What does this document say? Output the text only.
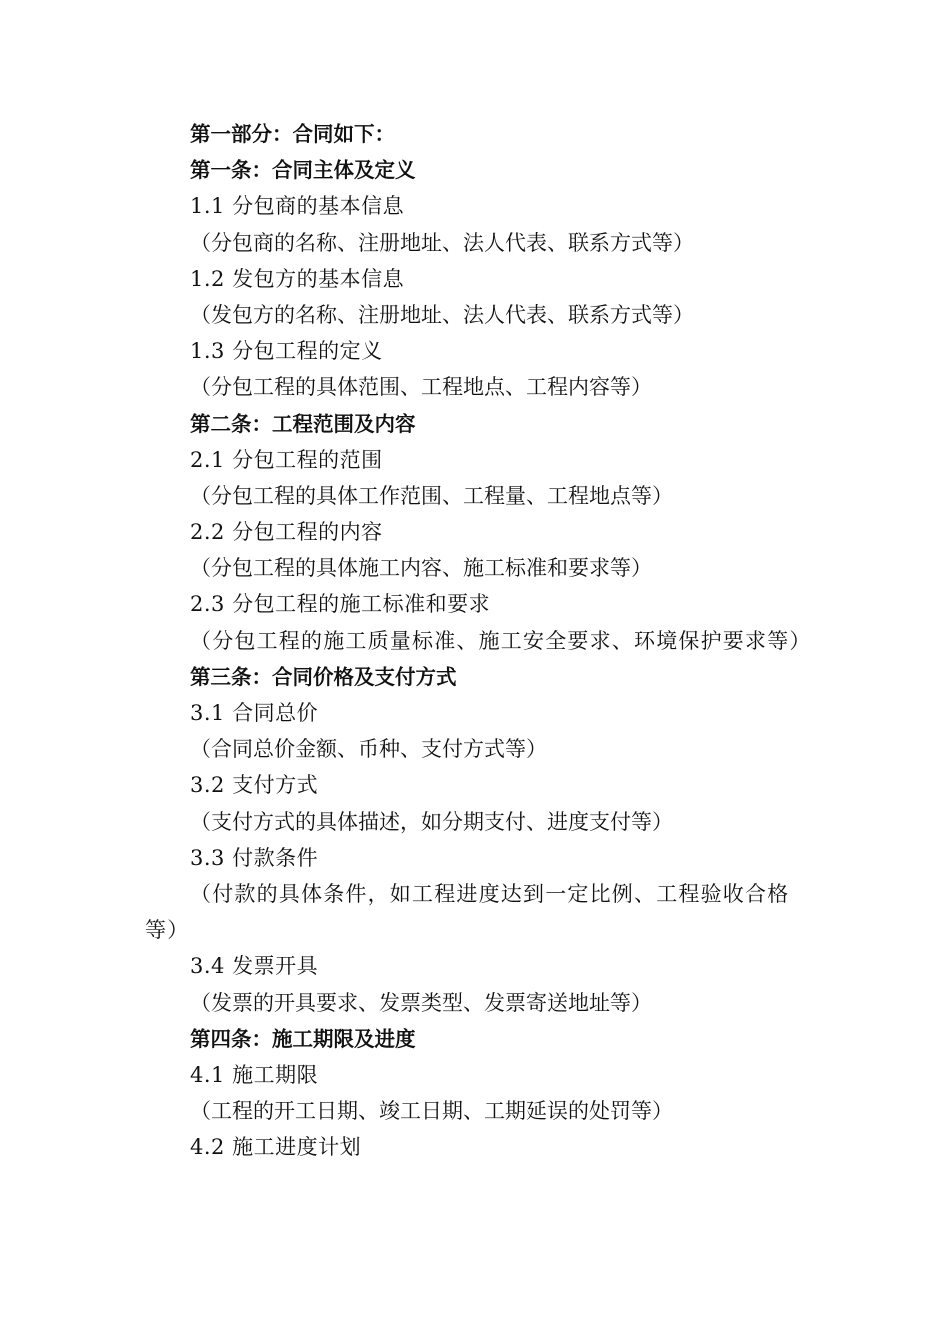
第一部分：合同如下：
第一条：合同主体及定义
1.1 分包商的基本信息
（分包商的名称、注册地址、法人代表、联系方式等）
1.2 发包方的基本信息
（发包方的名称、注册地址、法人代表、联系方式等）
1.3 分包工程的定义
（分包工程的具体范围、工程地点、工程内容等）
第二条：工程范围及内容
2.1 分包工程的范围
（分包工程的具体工作范围、工程量、工程地点等）
2.2 分包工程的内容
（分包工程的具体施工内容、施工标准和要求等）
2.3 分包工程的施工标准和要求
（分包工程的施工质量标准、施工安全要求、环境保护要求等）
第三条：合同价格及支付方式
3.1 合同总价
（合同总价金额、币种、支付方式等）
3.2 支付方式
（支付方式的具体描述，如分期支付、进度支付等）
3.3 付款条件
（付款的具体条件，如工程进度达到一定比例、工程验收合格等）
3.4 发票开具
（发票的开具要求、发票类型、发票寄送地址等）
第四条：施工期限及进度
4.1 施工期限
（工程的开工日期、竣工日期、工期延误的处罚等）
4.2 施工进度计划
